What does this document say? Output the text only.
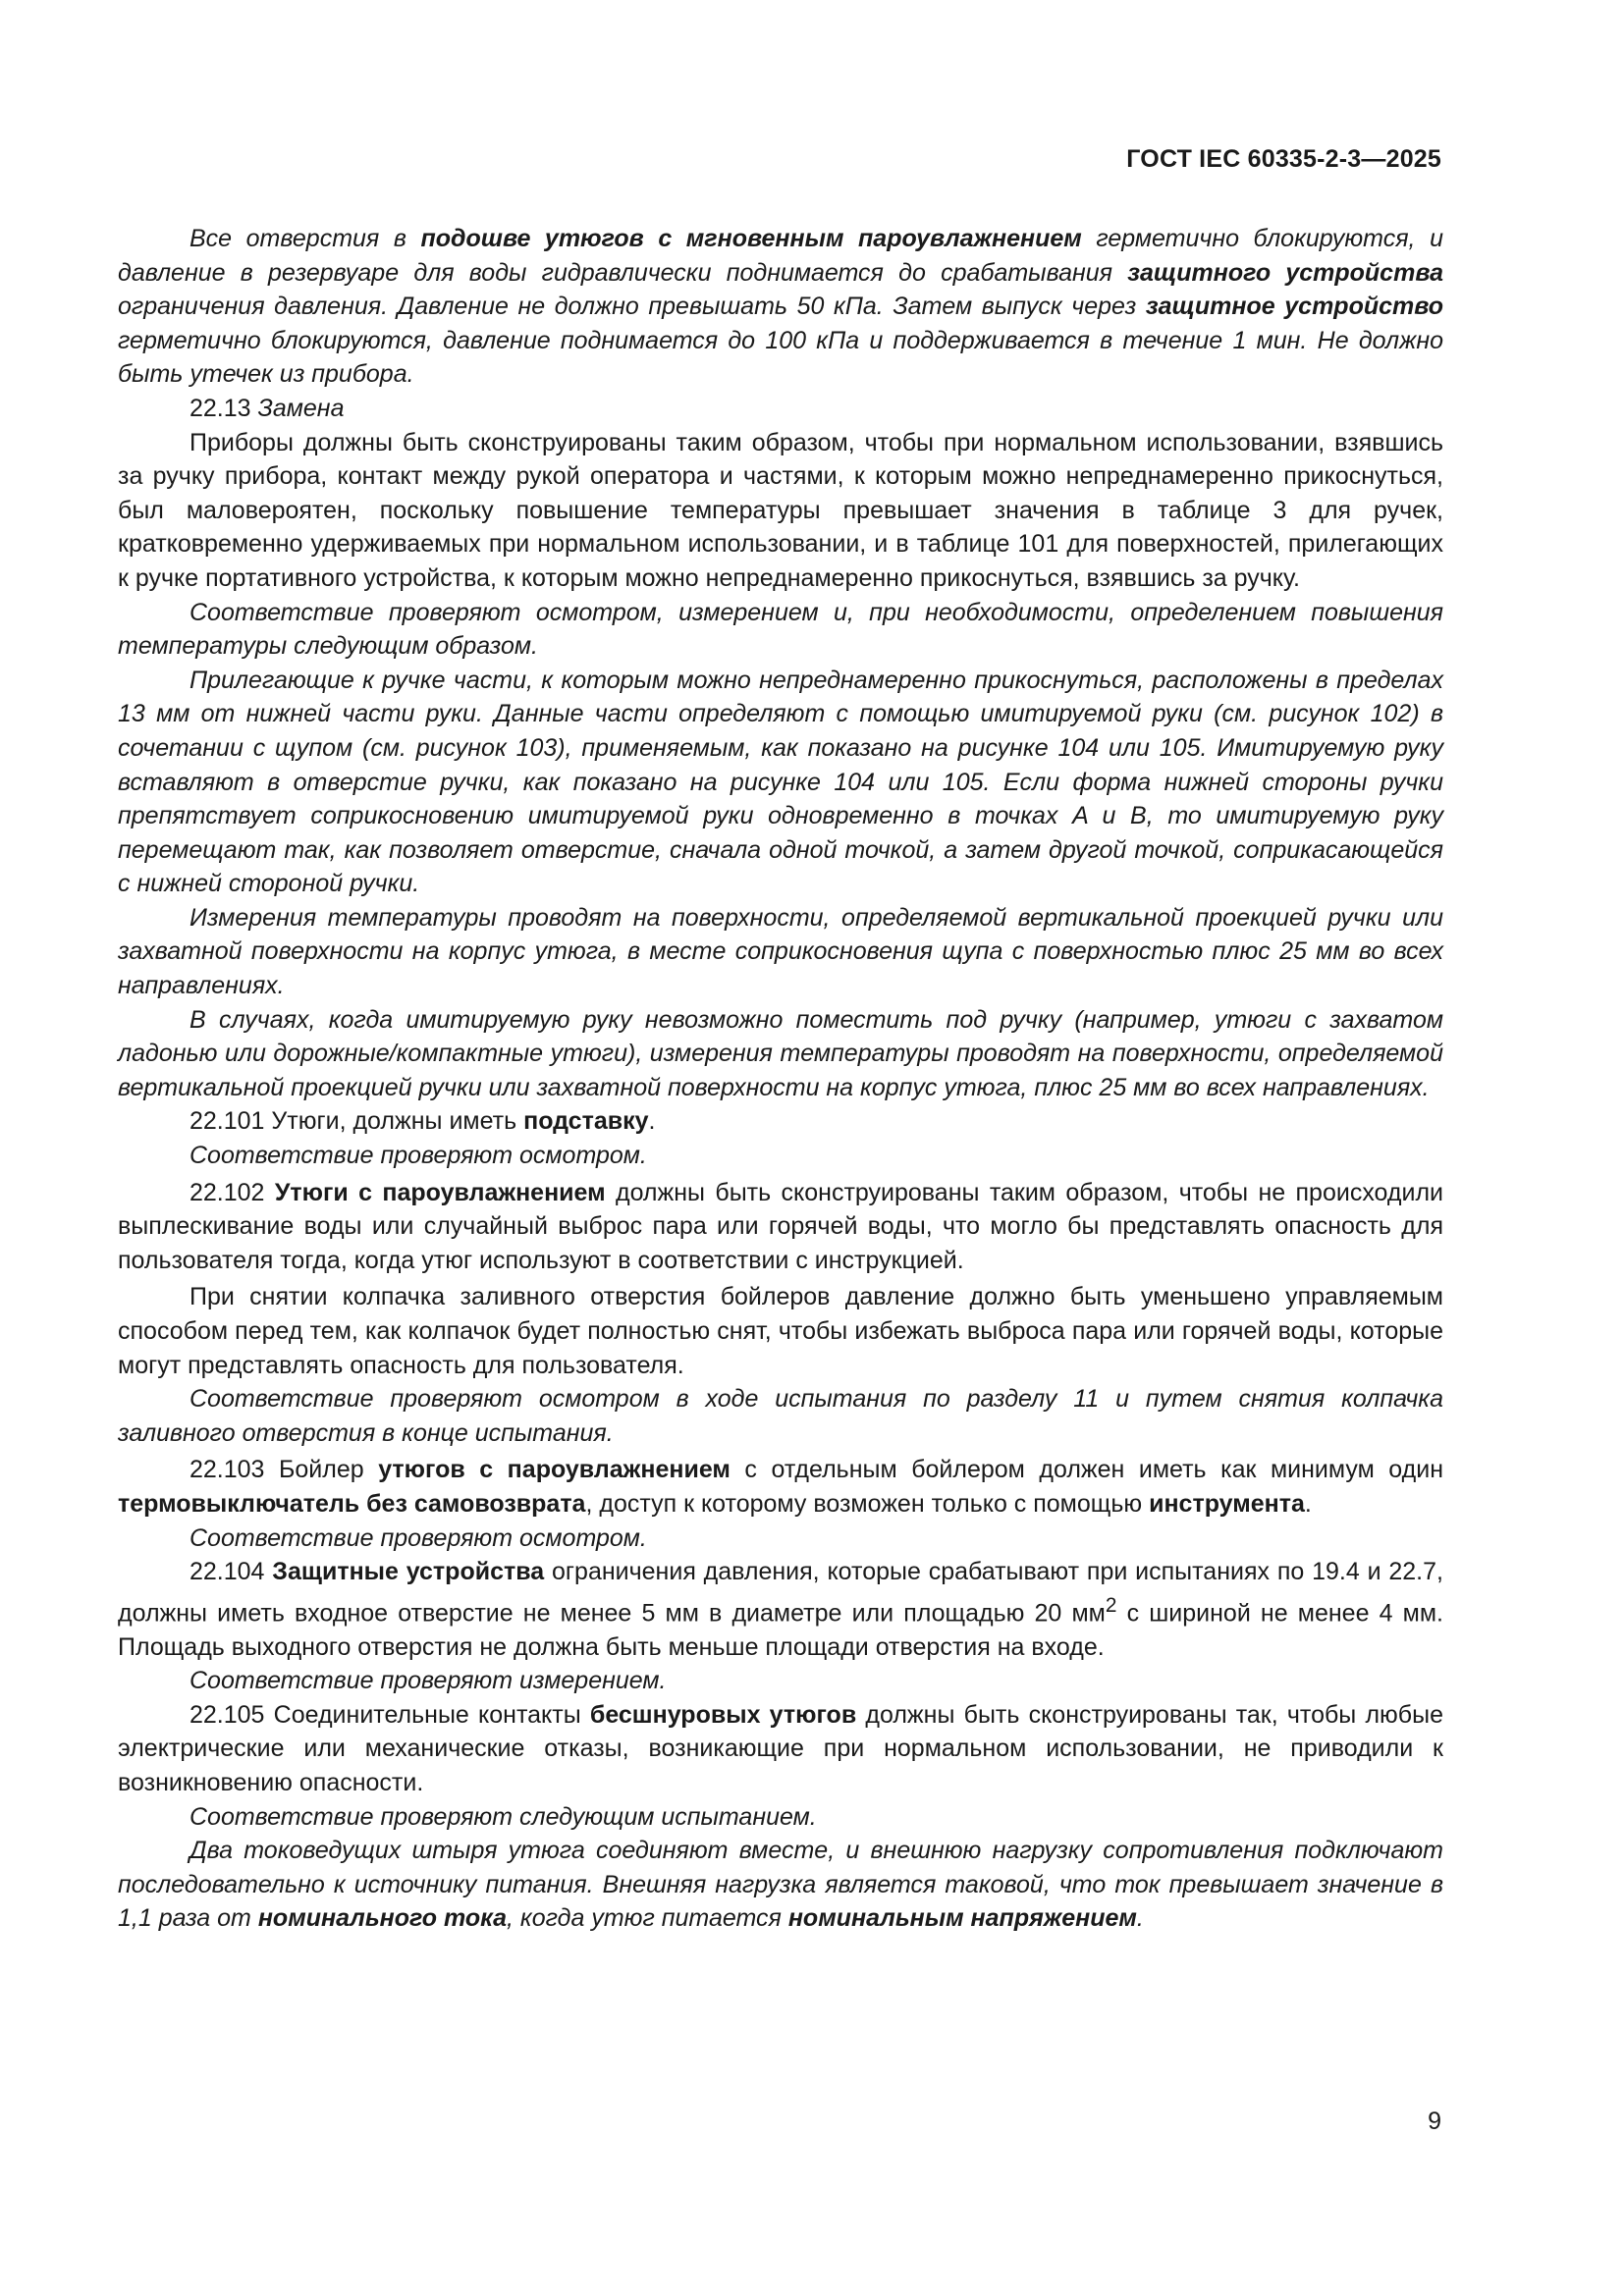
ГОСТ IEC 60335-2-3—2025

Все отверстия в подошве утюгов с мгновенным пароувлажнением герметично блокируются, и давление в резервуаре для воды гидравлически поднимается до срабатывания защитного устройства ограничения давления. Давление не должно превышать 50 кПа. Затем выпуск через защитное устройство герметично блокируются, давление поднимается до 100 кПа и поддерживается в течение 1 мин. Не должно быть утечек из прибора.

22.13 Замена

Приборы должны быть сконструированы таким образом, чтобы при нормальном использовании, взявшись за ручку прибора, контакт между рукой оператора и частями, к которым можно непреднамеренно прикоснуться, был маловероятен, поскольку повышение температуры превышает значения в таблице 3 для ручек, кратковременно удерживаемых при нормальном использовании, и в таблице 101 для поверхностей, прилегающих к ручке портативного устройства, к которым можно непреднамеренно прикоснуться, взявшись за ручку.

Соответствие проверяют осмотром, измерением и, при необходимости, определением повышения температуры следующим образом.

Прилегающие к ручке части, к которым можно непреднамеренно прикоснуться, расположены в пределах 13 мм от нижней части руки. Данные части определяют с помощью имитируемой руки (см. рисунок 102) в сочетании с щупом (см. рисунок 103), применяемым, как показано на рисунке 104 или 105. Имитируемую руку вставляют в отверстие ручки, как показано на рисунке 104 или 105. Если форма нижней стороны ручки препятствует соприкосновению имитируемой руки одновременно в точках A и B, то имитируемую руку перемещают так, как позволяет отверстие, сначала одной точкой, а затем другой точкой, соприкасающейся с нижней стороной ручки.

Измерения температуры проводят на поверхности, определяемой вертикальной проекцией ручки или захватной поверхности на корпус утюга, в месте соприкосновения щупа с поверхностью плюс 25 мм во всех направлениях.

В случаях, когда имитируемую руку невозможно поместить под ручку (например, утюги с захватом ладонью или дорожные/компактные утюги), измерения температуры проводят на поверхности, определяемой вертикальной проекцией ручки или захватной поверхности на корпус утюга, плюс 25 мм во всех направлениях.

22.101 Утюги, должны иметь подставку.

Соответствие проверяют осмотром.

22.102 Утюги с пароувлажнением должны быть сконструированы таким образом, чтобы не происходили выплескивание воды или случайный выброс пара или горячей воды, что могло бы представлять опасность для пользователя тогда, когда утюг используют в соответствии с инструкцией.

При снятии колпачка заливного отверстия бойлеров давление должно быть уменьшено управляемым способом перед тем, как колпачок будет полностью снят, чтобы избежать выброса пара или горячей воды, которые могут представлять опасность для пользователя.

Соответствие проверяют осмотром в ходе испытания по разделу 11 и путем снятия колпачка заливного отверстия в конце испытания.

22.103 Бойлер утюгов с пароувлажнением с отдельным бойлером должен иметь как минимум один термовыключатель без самовозврата, доступ к которому возможен только с помощью инструмента.

Соответствие проверяют осмотром.

22.104 Защитные устройства ограничения давления, которые срабатывают при испытаниях по 19.4 и 22.7, должны иметь входное отверстие не менее 5 мм в диаметре или площадью 20 $мм^2$ с шириной не менее 4 мм. Площадь выходного отверстия не должна быть меньше площади отверстия на входе.

Соответствие проверяют измерением.

22.105 Соединительные контакты бесшнуровых утюгов должны быть сконструированы так, чтобы любые электрические или механические отказы, возникающие при нормальном использовании, не приводили к возникновению опасности.

Соответствие проверяют следующим испытанием.

Два токоведущих штыря утюга соединяют вместе, и внешнюю нагрузку сопротивления подключают последовательно к источнику питания. Внешняя нагрузка является таковой, что ток превышает значение в 1,1 раза от номинального тока, когда утюг питается номинальным напряжением.

9
